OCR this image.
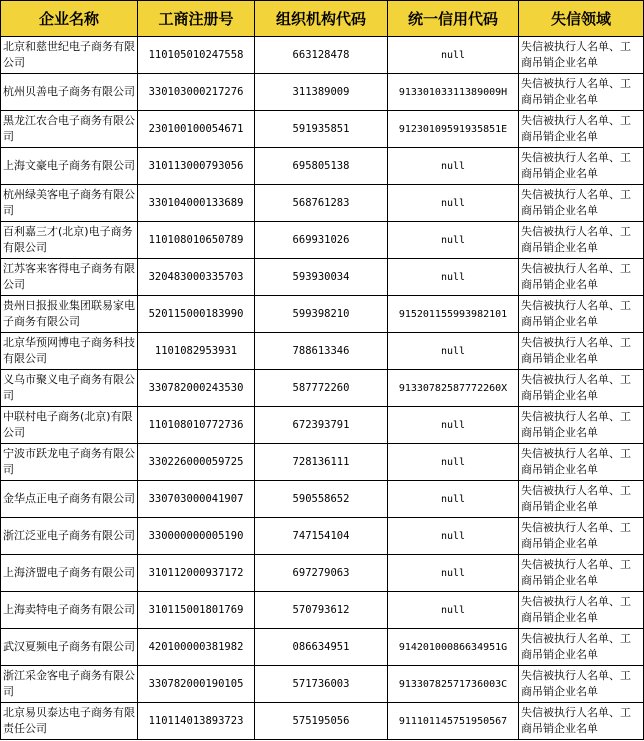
企业名称	工商注册号	组织机构代码	统一信用代码	失信领域
北京和慈世纪电子商务有限公司	110105010247558	663128478	null	失信被执行人名单、工商吊销企业名单
杭州贝善电子商务有限公司	330103000217276	311389009	91330103311389009H	失信被执行人名单、工商吊销企业名单
黑龙江农合电子商务有限公司	230100100054671	591935851	91230109591935851E	失信被执行人名单、工商吊销企业名单
上海文豪电子商务有限公司	310113000793056	695805138	null	失信被执行人名单、工商吊销企业名单
杭州绿美客电子商务有限公司	330104000133689	568761283	null	失信被执行人名单、工商吊销企业名单
百利嘉三才(北京)电子商务有限公司	110108010650789	669931026	null	失信被执行人名单、工商吊销企业名单
江苏客来客得电子商务有限公司	320483000335703	593930034	null	失信被执行人名单、工商吊销企业名单
贵州日报报业集团联易家电子商务有限公司	520115000183990	599398210	915201155993982101	失信被执行人名单、工商吊销企业名单
北京华预网博电子商务科技有限公司	1101082953931	788613346	null	失信被执行人名单、工商吊销企业名单
义乌市聚义电子商务有限公司	330782000243530	587772260	91330782587772260X	失信被执行人名单、工商吊销企业名单
中联村电子商务(北京)有限公司	110108010772736	672393791	null	失信被执行人名单、工商吊销企业名单
宁波市跃龙电子商务有限公司	330226000059725	728136111	null	失信被执行人名单、工商吊销企业名单
金华点正电子商务有限公司	330703000041907	590558652	null	失信被执行人名单、工商吊销企业名单
浙江泛亚电子商务有限公司	330000000005190	747154104	null	失信被执行人名单、工商吊销企业名单
上海济盟电子商务有限公司	310112000937172	697279063	null	失信被执行人名单、工商吊销企业名单
上海卖特电子商务有限公司	310115001801769	570793612	null	失信被执行人名单、工商吊销企业名单
武汉夏频电子商务有限公司	420100000381982	086634951	91420100086634951G	失信被执行人名单、工商吊销企业名单
浙江采金客电子商务有限公司	330782000190105	571736003	91330782571736003C	失信被执行人名单、工商吊销企业名单
北京易贝泰达电子商务有限责任公司	110114013893723	575195056	911101145751950567	失信被执行人名单、工商吊销企业名单
